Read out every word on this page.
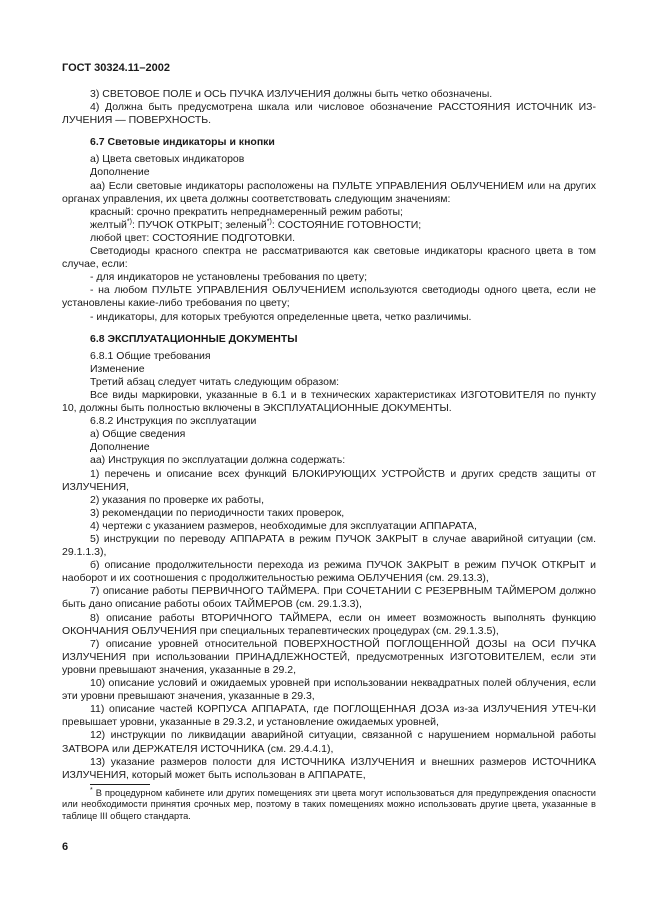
ГОСТ 30324.11–2002

3) СВЕТОВОЕ ПОЛЕ и ОСЬ ПУЧКА ИЗЛУЧЕНИЯ должны быть четко обозначены.

4) Должна быть предусмотрена шкала или числовое обозначение РАССТОЯНИЯ ИСТОЧНИК ИЗ-ЛУЧЕНИЯ — ПОВЕРХНОСТЬ.

6.7 Световые индикаторы и кнопки

а) Цвета световых индикаторов

Дополнение

аа) Если световые индикаторы расположены на ПУЛЬТЕ УПРАВЛЕНИЯ ОБЛУЧЕНИЕМ или на других органах управления, их цвета должны соответствовать следующим значениям:

красный: срочно прекратить непреднамеренный режим работы;

желтый*): ПУЧОК ОТКРЫТ; зеленый*): СОСТОЯНИЕ ГОТОВНОСТИ;

любой цвет: СОСТОЯНИЕ ПОДГОТОВКИ.

Светодиоды красного спектра не рассматриваются как световые индикаторы красного цвета в том случае, если:

- для индикаторов не установлены требования по цвету;

- на любом ПУЛЬТЕ УПРАВЛЕНИЯ ОБЛУЧЕНИЕМ используются светодиоды одного цвета, если не установлены какие-либо требования по цвету;

- индикаторы, для которых требуются определенные цвета, четко различимы.

6.8 ЭКСПЛУАТАЦИОННЫЕ ДОКУМЕНТЫ

6.8.1 Общие требования

Изменение

Третий абзац следует читать следующим образом:

Все виды маркировки, указанные в 6.1 и в технических характеристиках ИЗГОТОВИТЕЛЯ по пункту 10, должны быть полностью включены в ЭКСПЛУАТАЦИОННЫЕ ДОКУМЕНТЫ.

6.8.2 Инструкция по эксплуатации

а) Общие сведения

Дополнение

аа) Инструкция по эксплуатации должна содержать:

1) перечень и описание всех функций БЛОКИРУЮЩИХ УСТРОЙСТВ и других средств защиты от ИЗЛУЧЕНИЯ,

2) указания по проверке их работы,

3) рекомендации по периодичности таких проверок,

4) чертежи с указанием размеров, необходимые для эксплуатации АППАРАТА,

5) инструкции по переводу АППАРАТА в режим ПУЧОК ЗАКРЫТ в случае аварийной ситуации (см. 29.1.1.3),

б) описание продолжительности перехода из режима ПУЧОК ЗАКРЫТ в режим ПУЧОК ОТКРЫТ и наоборот и их соотношения с продолжительностью режима ОБЛУЧЕНИЯ (см. 29.13.3),

7) описание работы ПЕРВИЧНОГО ТАЙМЕРА. При СОЧЕТАНИИ С РЕЗЕРВНЫМ ТАЙМЕРОМ должно быть дано описание работы обоих ТАЙМЕРОВ (см. 29.1.3.3),

8) описание работы ВТОРИЧНОГО ТАЙМЕРА, если он имеет возможность выполнять функцию ОКОНЧАНИЯ ОБЛУЧЕНИЯ при специальных терапевтических процедурах (см. 29.1.3.5),

7) описание уровней относительной ПОВЕРХНОСТНОЙ ПОГЛОЩЕННОЙ ДОЗЫ на ОСИ ПУЧКА ИЗЛУЧЕНИЯ при использовании ПРИНАДЛЕЖНОСТЕЙ, предусмотренных ИЗГОТОВИТЕЛЕМ, если эти уровни превышают значения, указанные в 29.2,

10) описание условий и ожидаемых уровней при использовании неквадратных полей облучения, если эти уровни превышают значения, указанные в 29.3,

11) описание частей КОРПУСА АППАРАТА, где ПОГЛОЩЕННАЯ ДОЗА из-за ИЗЛУЧЕНИЯ УТЕЧ-КИ превышает уровни, указанные в 29.3.2, и установление ожидаемых уровней,

12) инструкции по ликвидации аварийной ситуации, связанной с нарушением нормальной работы ЗАТВОРА или ДЕРЖАТЕЛЯ ИСТОЧНИКА (см. 29.4.4.1),

13) указание размеров полости для ИСТОЧНИКА ИЗЛУЧЕНИЯ и внешних размеров ИСТОЧНИКА ИЗЛУЧЕНИЯ, который может быть использован в АППАРАТЕ,

* В процедурном кабинете или других помещениях эти цвета могут использоваться для предупреждения опасности или необходимости принятия срочных мер, поэтому в таких помещениях можно использовать другие цвета, указанные в таблице III общего стандарта.

6
